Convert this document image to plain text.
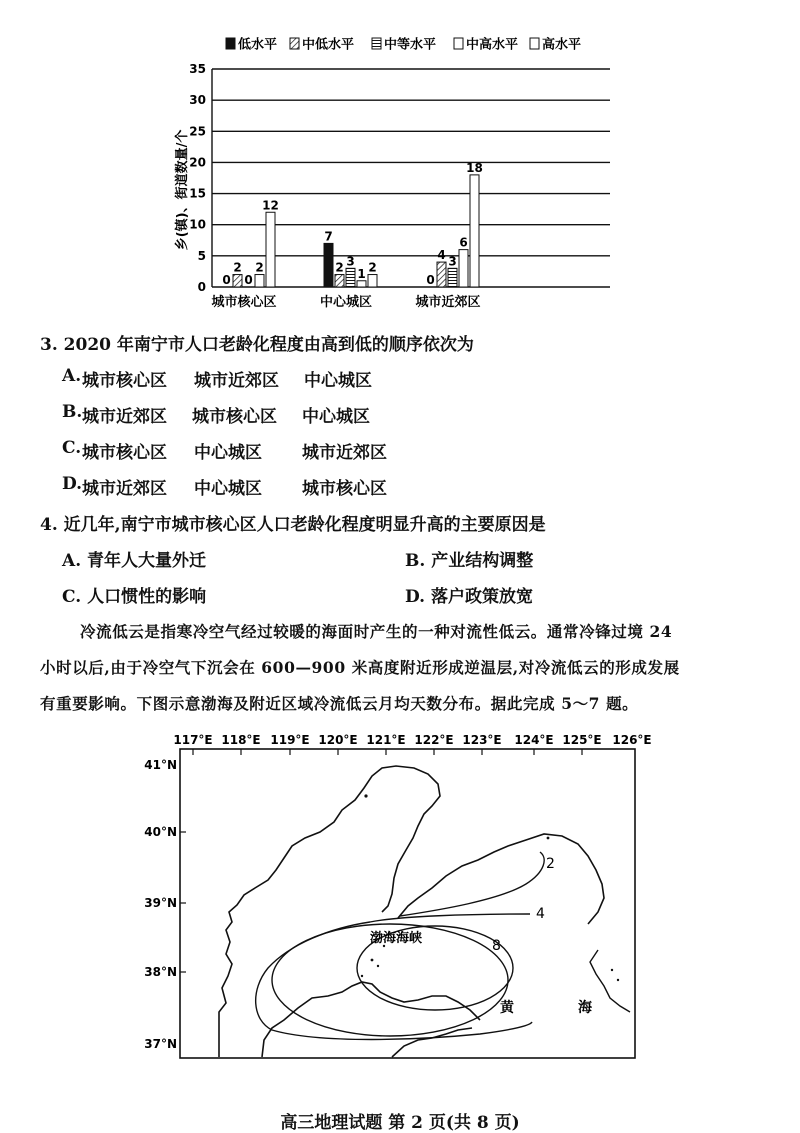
低水平 中低水平 中等水平 中高水平 高水平
0
5
10
15
20
25
30
35
乡(镇)、街道数量/个
0
2
0
2
12
7
2 3
1 2
0
4 3
6
18
城市核心区	中心城区	城市近郊区
3. 2020 年南宁市人口老龄化程度由高到低的顺序依次为
A. 城市核心区 城市近郊区 中心城区
B. 城市近郊区 城市核心区 中心城区
C. 城市核心区 中心城区 城市近郊区
D. 城市近郊区 中心城区 城市核心区
4. 近几年,南宁市城市核心区人口老龄化程度明显升高的主要原因是
A. 青年人大量外迁	B. 产业结构调整
C. 人口惯性的影响	D. 落户政策放宽
冷流低云是指寒冷空气经过较暖的海面时产生的一种对流性低云。通常冷锋过境 24
小时以后,由于冷空气下沉会在 600—900 米高度附近形成逆温层,对冷流低云的形成发展
有重要影响。下图示意渤海及附近区域冷流低云月均天数分布。据此完成 5～7 题。
117°E 118°E 119°E 120°E 121°E 122°E 123°E 124°E 125°E 126°E
41°N
40°N
39°N
38°N
37°N
2
4
8
渤海海峡
黄	海
高三地理试题 第 2 页(共 8 页)
